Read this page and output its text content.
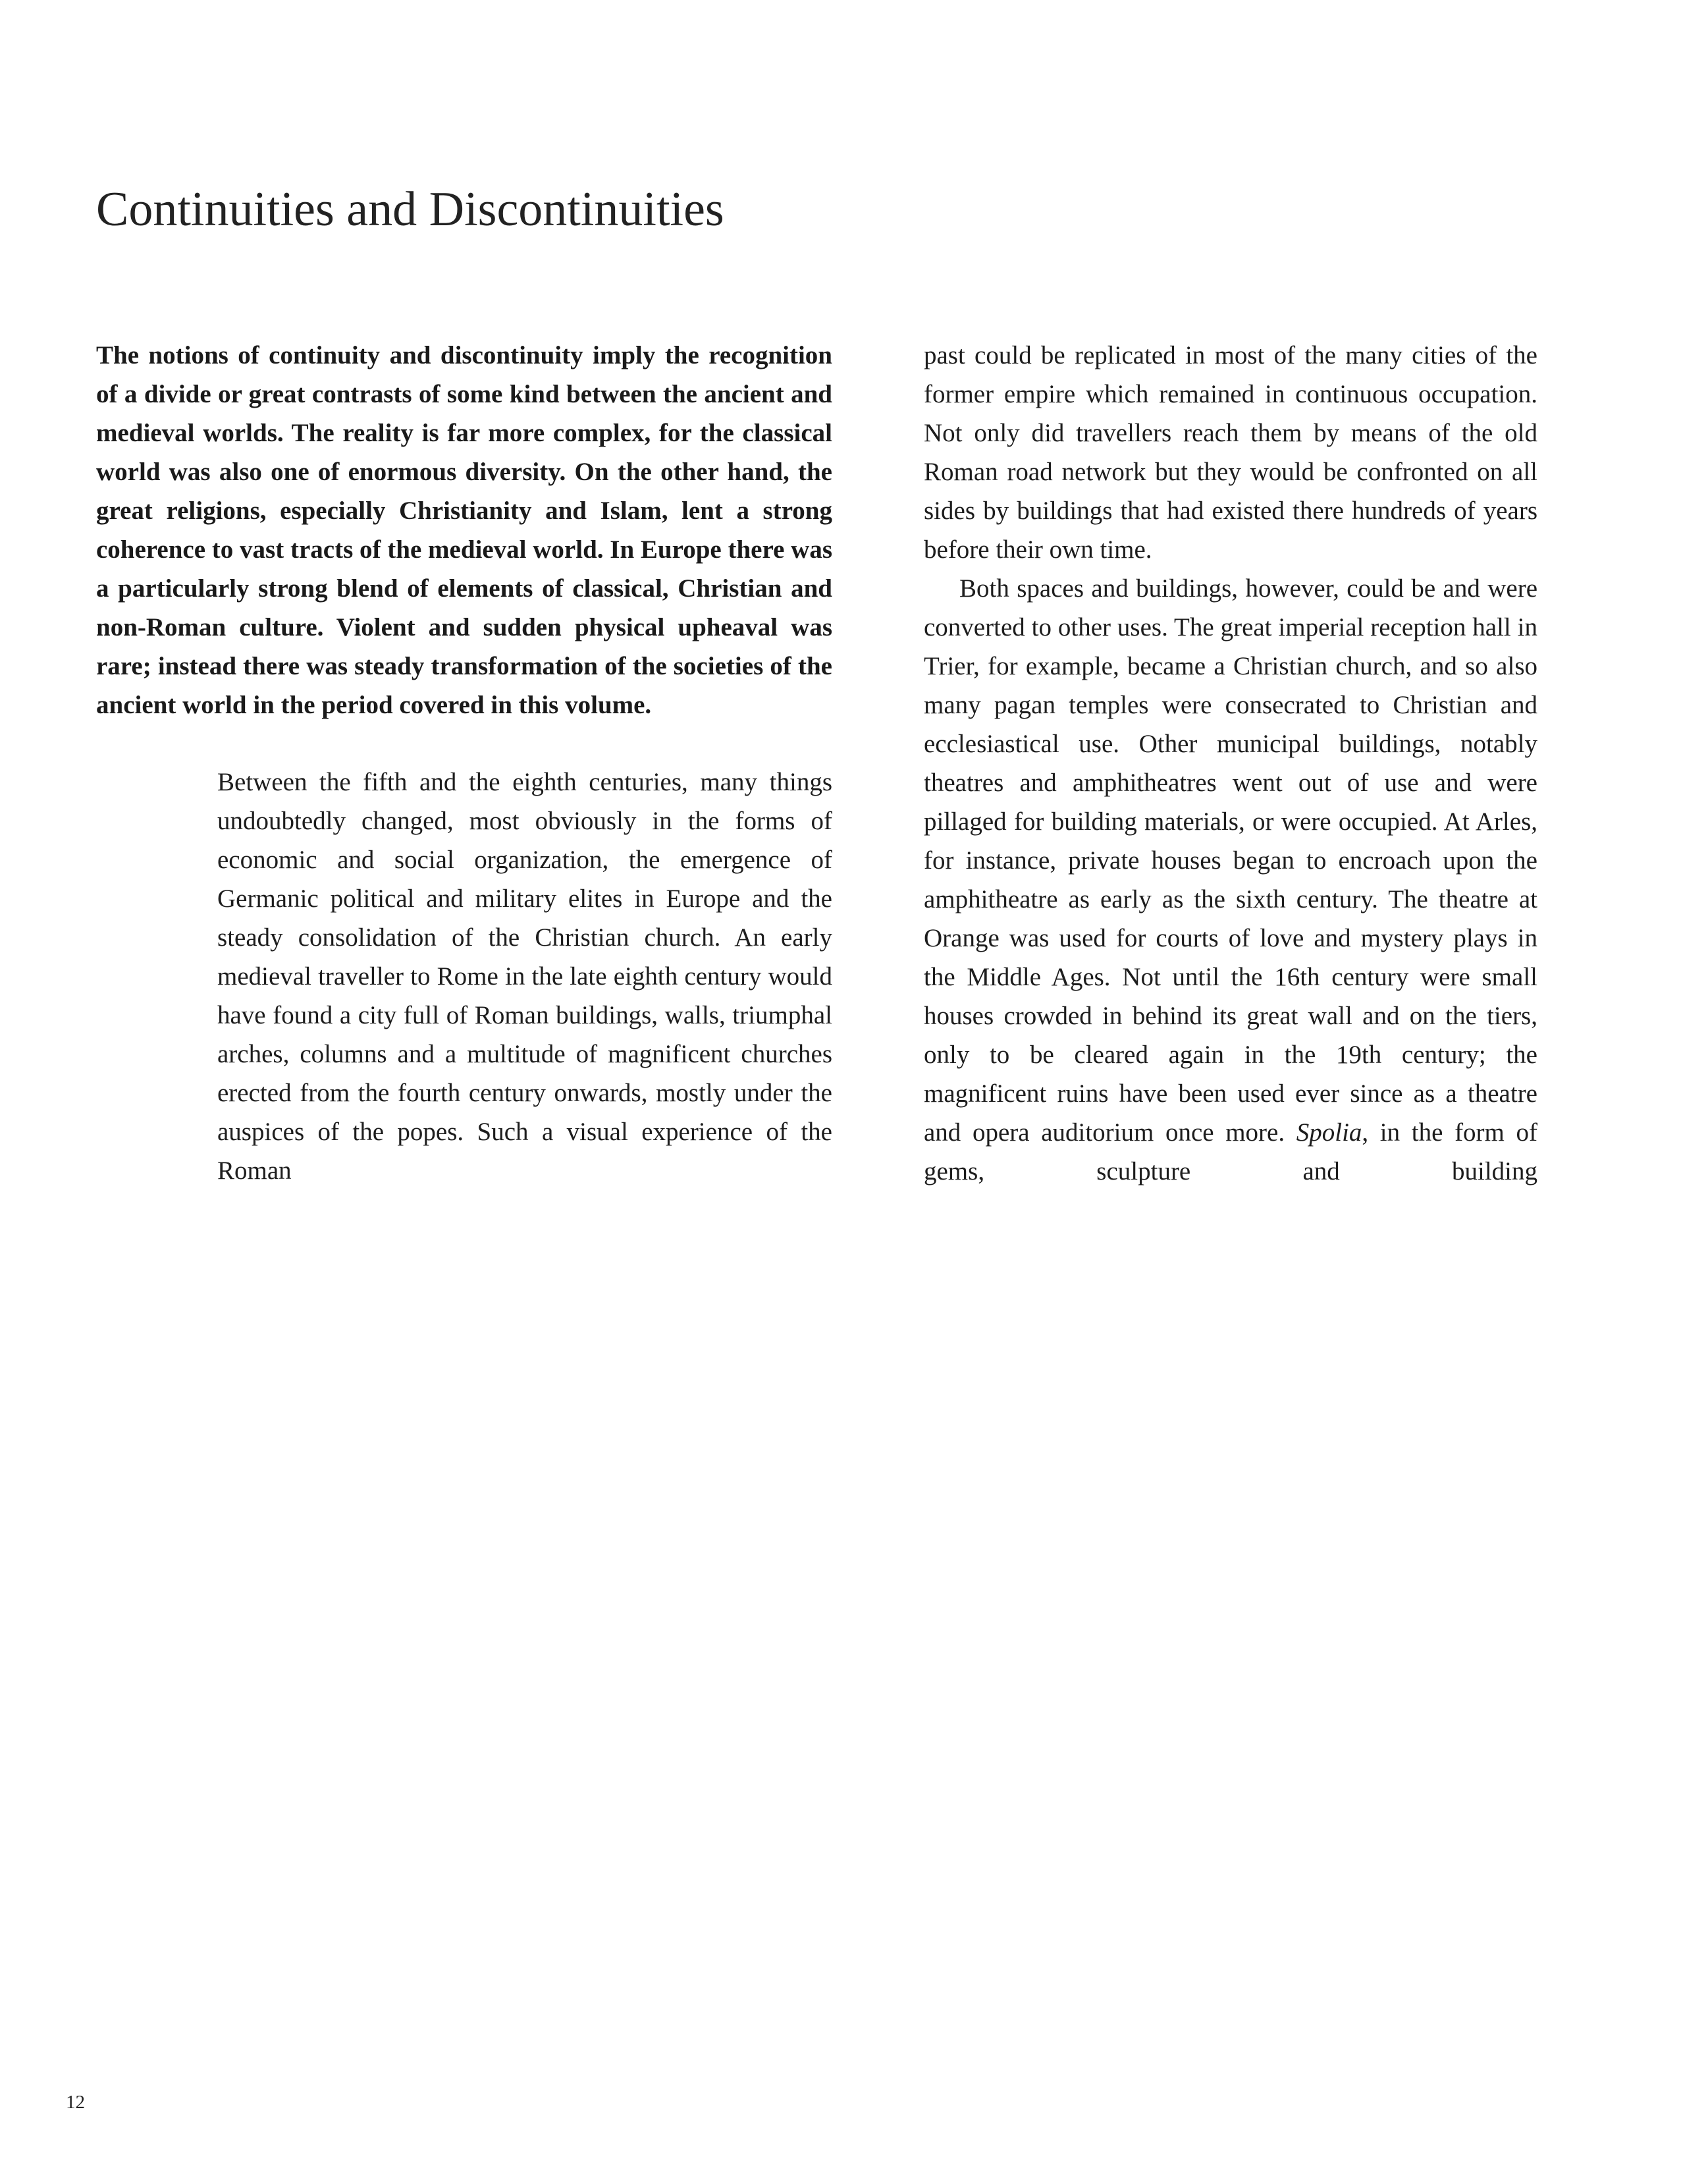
Continuities and Discontinuities

The notions of continuity and discontinuity imply the recognition of a divide or great contrasts of some kind between the ancient and medieval worlds. The reality is far more complex, for the classical world was also one of enormous diversity. On the other hand, the great religions, especially Christianity and Islam, lent a strong coherence to vast tracts of the medieval world. In Europe there was a particularly strong blend of elements of classical, Christian and non-Roman culture. Violent and sudden physical upheaval was rare; instead there was steady transformation of the societies of the ancient world in the period covered in this volume.

Between the fifth and the eighth centuries, many things undoubtedly changed, most obviously in the forms of economic and social organization, the emergence of Germanic political and military elites in Europe and the steady consolidation of the Christian church. An early medieval traveller to Rome in the late eighth century would have found a city full of Roman buildings, walls, triumphal arches, columns and a multitude of magnificent churches erected from the fourth century onwards, mostly under the auspices of the popes. Such a visual experience of the Roman

past could be replicated in most of the many cities of the former empire which remained in continuous occupation. Not only did travellers reach them by means of the old Roman road network but they would be confronted on all sides by buildings that had existed there hundreds of years before their own time.

Both spaces and buildings, however, could be and were converted to other uses. The great imperial reception hall in Trier, for example, became a Christian church, and so also many pagan temples were consecrated to Christian and ecclesiastical use. Other municipal buildings, notably theatres and amphitheatres went out of use and were pillaged for building materials, or were occupied. At Arles, for instance, private houses began to encroach upon the amphitheatre as early as the sixth century. The theatre at Orange was used for courts of love and mystery plays in the Middle Ages. Not until the 16th century were small houses crowded in behind its great wall and on the tiers, only to be cleared again in the 19th century; the magnificent ruins have been used ever since as a theatre and opera auditorium once more. Spolia, in the form of gems, sculpture and building

12
